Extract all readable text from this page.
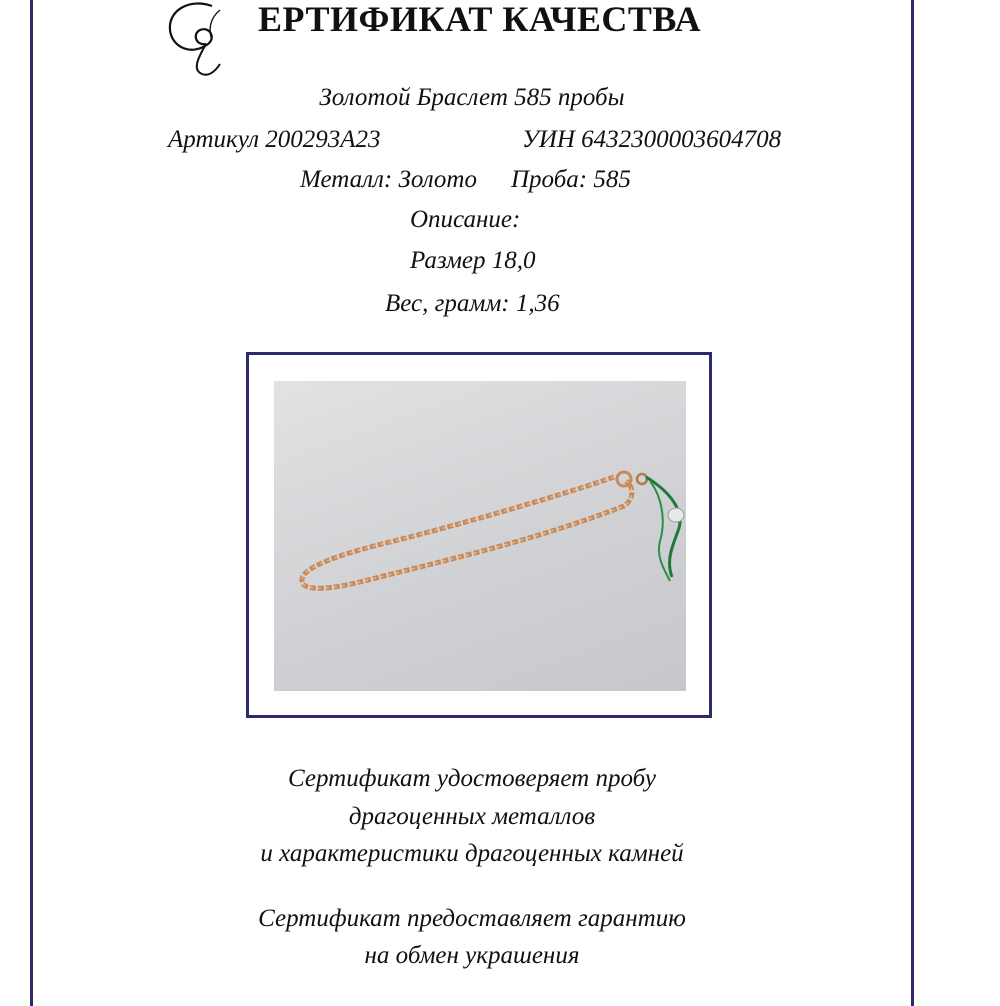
ЕРТИФИКАТ КАЧЕСТВА
Золотой Браслет 585 пробы
Артикул 200293А23	УИН 6432300003604708
Металл: Золото Проба: 585
Описание:
Размер 18,0
Вес, грамм: 1,36
Сертификат удостоверяет пробу
драгоценных металлов
и характеристики драгоценных камней
Сертификат предоставляет гарантию
на обмен украшения
